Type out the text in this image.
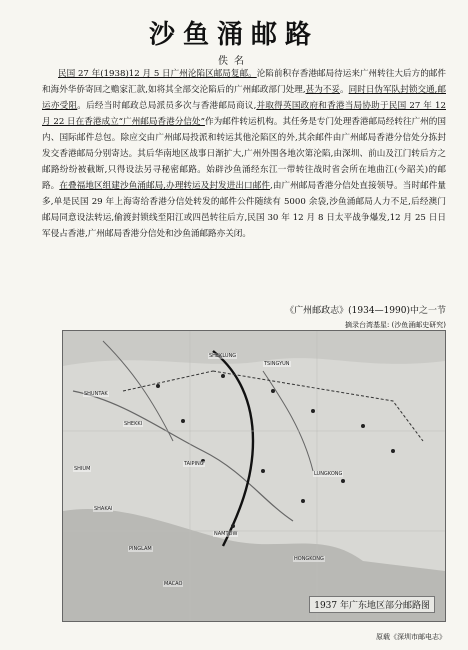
沙鱼涌邮路
佚名
民国 27 年(1938)12 月 5 日广州沦陷区邮局复邮。沦陷前积存香港邮局待运来广州转往大后方的邮件和海外华侨寄回之赡家汇款,如将其全部交沦陷后的广州邮政部门处理,甚为不妥。同时日伪军队封锁交通,邮运亦受阻。后经当时邮政总局派员多次与香港邮局商议,并取得英国政府和香港当局协助于民国 27 年 12 月 22 日在香港成立“广州邮局香港分信处”作为邮件转运机构。其任务是专门处理香港邮局经转往广州的国内、国际邮件总包。除应交由广州邮局投派和转运其他沦陷区的外,其余邮件由广州邮局香港分信处分拣封发交香港邮局分别寄达。其后华南地区战事日渐扩大,广州外围各地次第沦陷,由深圳、前山及江门转后方之邮路纷纷被截断,只得设法另寻秘密邮路。始辟沙鱼涌经东江一带转往战时省会所在地曲江(今韶关)的邮路。在叠福地区组建沙鱼涌邮局,办理转运及封发进出口邮件,由广州邮局香港分信处直接领导。当时邮件量多,单是民国 29 年上海寄给香港分信处转发的邮件公件随续有 5000 余袋,沙鱼涌邮局人力不足,后经澳门邮局同意设法转运,偷渡封锁线至阳江或四邑转往后方,民国 30 年 12 月 8 日太平战争爆发,12 月 25 日日军侵占香港,广州邮局香港分信处和沙鱼涌邮路亦关闭。
《广州邮政志》(1934—1990)中之一节
摘录台湾基星: (沙鱼涌邮史研究)
SHEKLUNG
TSINGYUN
SHUNTAK
SHEKKI
NAMTOW
SHAKAI
MACAO
PINGLAM
TAIPING
LUNGKONG
HONGKONG
SHIUM
1937 年广东地区部分邮路图
原载《深圳市邮电志》
